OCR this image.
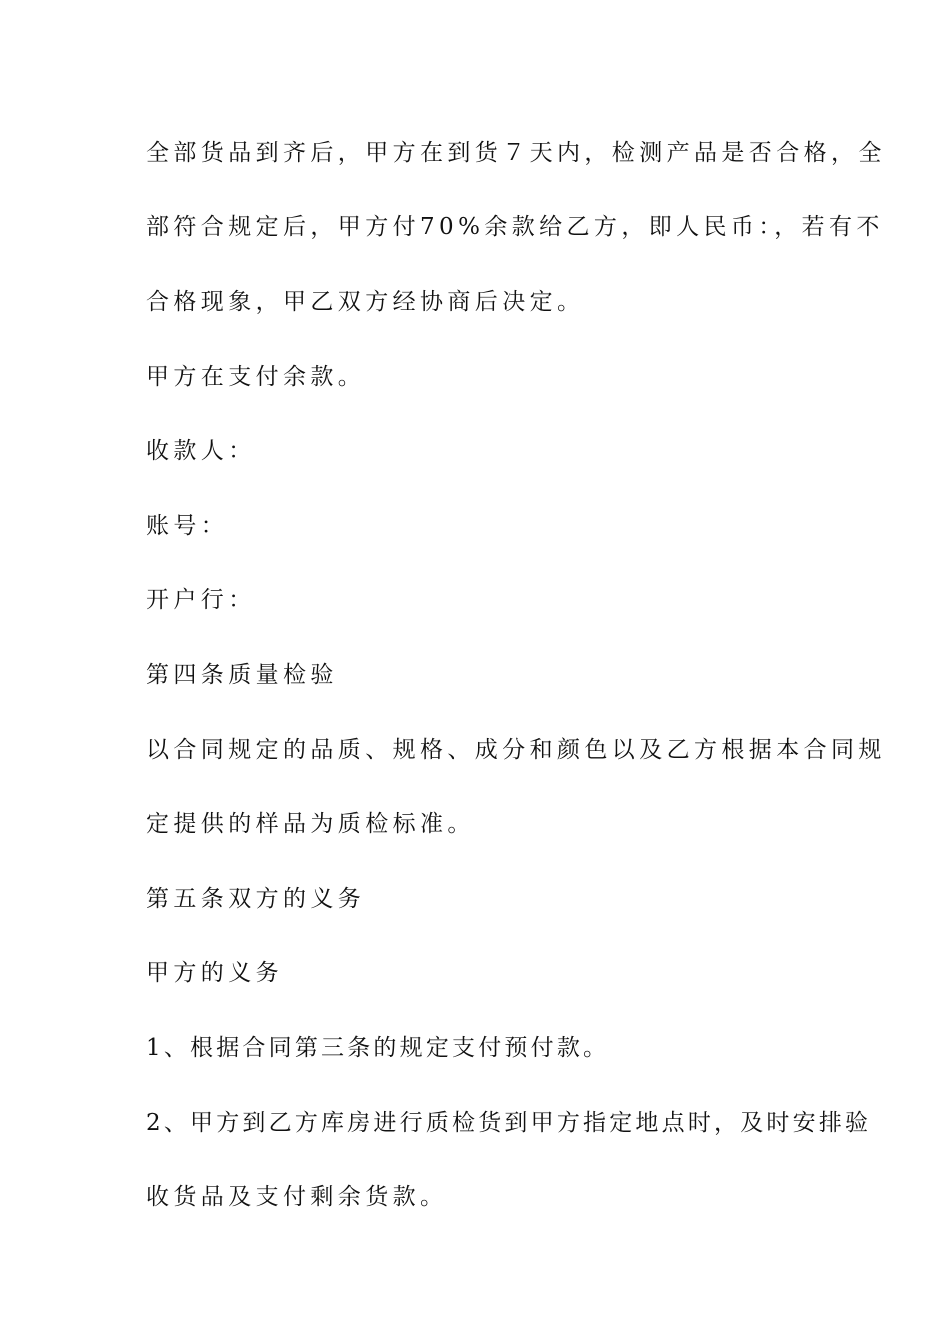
全部货品到齐后，甲方在到货７天内，检测产品是否合格，全
部符合规定后，甲方付70%余款给乙方，即人民币：，若有不
合格现象，甲乙双方经协商后决定。
甲方在支付余款。
收款人：
账号：
开户行：
第四条质量检验
以合同规定的品质、规格、成分和颜色以及乙方根据本合同规
定提供的样品为质检标准。
第五条双方的义务
甲方的义务
1、根据合同第三条的规定支付预付款。
2、甲方到乙方库房进行质检货到甲方指定地点时，及时安排验
收货品及支付剩余货款。
